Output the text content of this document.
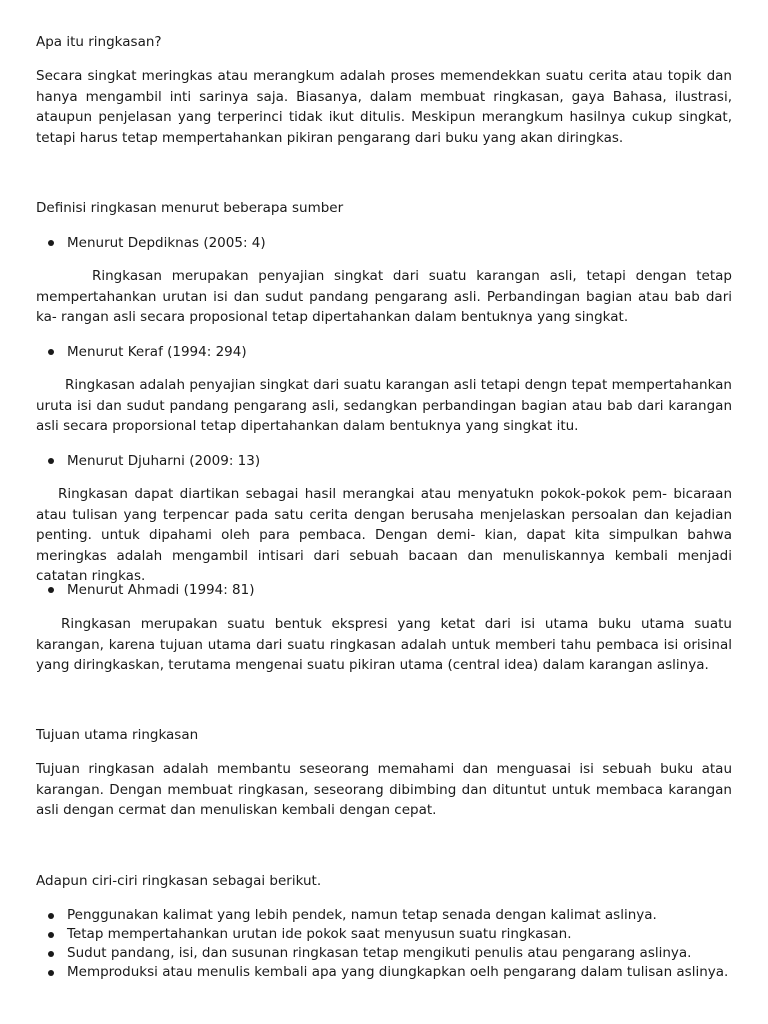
Apa itu ringkasan?

Secara singkat meringkas atau merangkum adalah proses memendekkan suatu cerita atau topik dan hanya mengambil inti sarinya saja. Biasanya, dalam membuat ringkasan, gaya Bahasa, ilustrasi, ataupun penjelasan yang terperinci tidak ikut ditulis. Meskipun merangkum hasilnya cukup singkat, tetapi harus tetap mempertahankan pikiran pengarang dari buku yang akan diringkas.

Definisi ringkasan menurut beberapa sumber

Menurut Depdiknas (2005: 4)

Ringkasan merupakan penyajian singkat dari suatu karangan asli, tetapi dengan tetap mempertahankan urutan isi dan sudut pandang pengarang asli. Perbandingan bagian atau bab dari ka- rangan asli secara proposional tetap dipertahankan dalam bentuknya yang singkat.

Menurut Keraf (1994: 294)

Ringkasan adalah penyajian singkat dari suatu karangan asli tetapi dengn tepat mempertahankan uruta isi dan sudut pandang pengarang asli, sedangkan perbandingan bagian atau bab dari karangan asli secara proporsional tetap dipertahankan dalam bentuknya yang singkat itu.

Menurut Djuharni (2009: 13)

Ringkasan dapat diartikan sebagai hasil merangkai atau menyatukn pokok-pokok pem- bicaraan atau tulisan yang terpencar pada satu cerita dengan berusaha menjelaskan persoalan dan kejadian penting. untuk dipahami oleh para pembaca. Dengan demi- kian, dapat kita simpulkan bahwa meringkas adalah mengambil intisari dari sebuah bacaan dan menuliskannya kembali menjadi catatan ringkas.

Menurut Ahmadi (1994: 81)

Ringkasan merupakan suatu bentuk ekspresi yang ketat dari isi utama buku utama suatu karangan, karena tujuan utama dari suatu ringkasan adalah untuk memberi tahu pembaca isi orisinal yang diringkaskan, terutama mengenai suatu pikiran utama (central idea) dalam karangan aslinya.

Tujuan utama ringkasan

Tujuan ringkasan adalah membantu seseorang memahami dan menguasai isi sebuah buku atau karangan. Dengan membuat ringkasan, seseorang dibimbing dan dituntut untuk membaca karangan asli dengan cermat dan menuliskan kembali dengan cepat.

Adapun ciri-ciri ringkasan sebagai berikut.

Penggunakan kalimat yang lebih pendek, namun tetap senada dengan kalimat aslinya.
Tetap mempertahankan urutan ide pokok saat menyusun suatu ringkasan.
Sudut pandang, isi, dan susunan ringkasan tetap mengikuti penulis atau pengarang aslinya.
Memproduksi atau menulis kembali apa yang diungkapkan oelh pengarang dalam tulisan aslinya.
